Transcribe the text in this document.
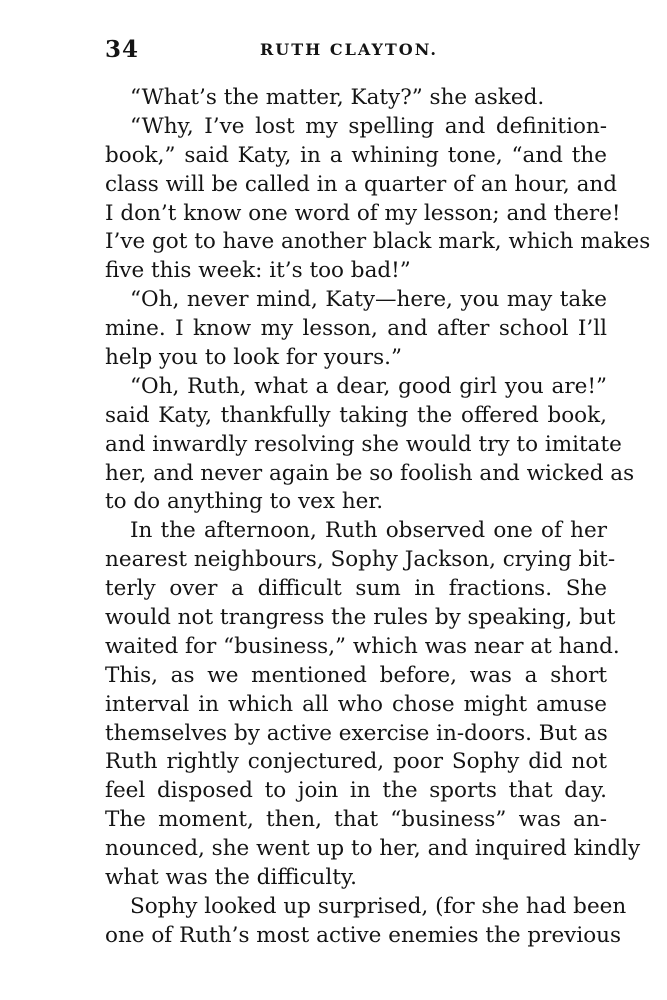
34	RUTH CLAYTON.
“What’s the matter, Katy?” she asked.
“Why, I’ve lost my spelling and definition-
book,” said Katy, in a whining tone, “and the
class will be called in a quarter of an hour, and
I don’t know one word of my lesson; and there!
I’ve got to have another black mark, which makes
five this week: it’s too bad!”
“Oh, never mind, Katy—here, you may take
mine. I know my lesson, and after school I’ll
help you to look for yours.”
“Oh, Ruth, what a dear, good girl you are!”
said Katy, thankfully taking the offered book,
and inwardly resolving she would try to imitate
her, and never again be so foolish and wicked as
to do anything to vex her.
In the afternoon, Ruth observed one of her
nearest neighbours, Sophy Jackson, crying bit-
terly over a difficult sum in fractions. She
would not trangress the rules by speaking, but
waited for “business,” which was near at hand.
This, as we mentioned before, was a short
interval in which all who chose might amuse
themselves by active exercise in-doors. But as
Ruth rightly conjectured, poor Sophy did not
feel disposed to join in the sports that day.
The moment, then, that “business” was an-
nounced, she went up to her, and inquired kindly
what was the difficulty.
Sophy looked up surprised, (for she had been
one of Ruth’s most active enemies the previous
